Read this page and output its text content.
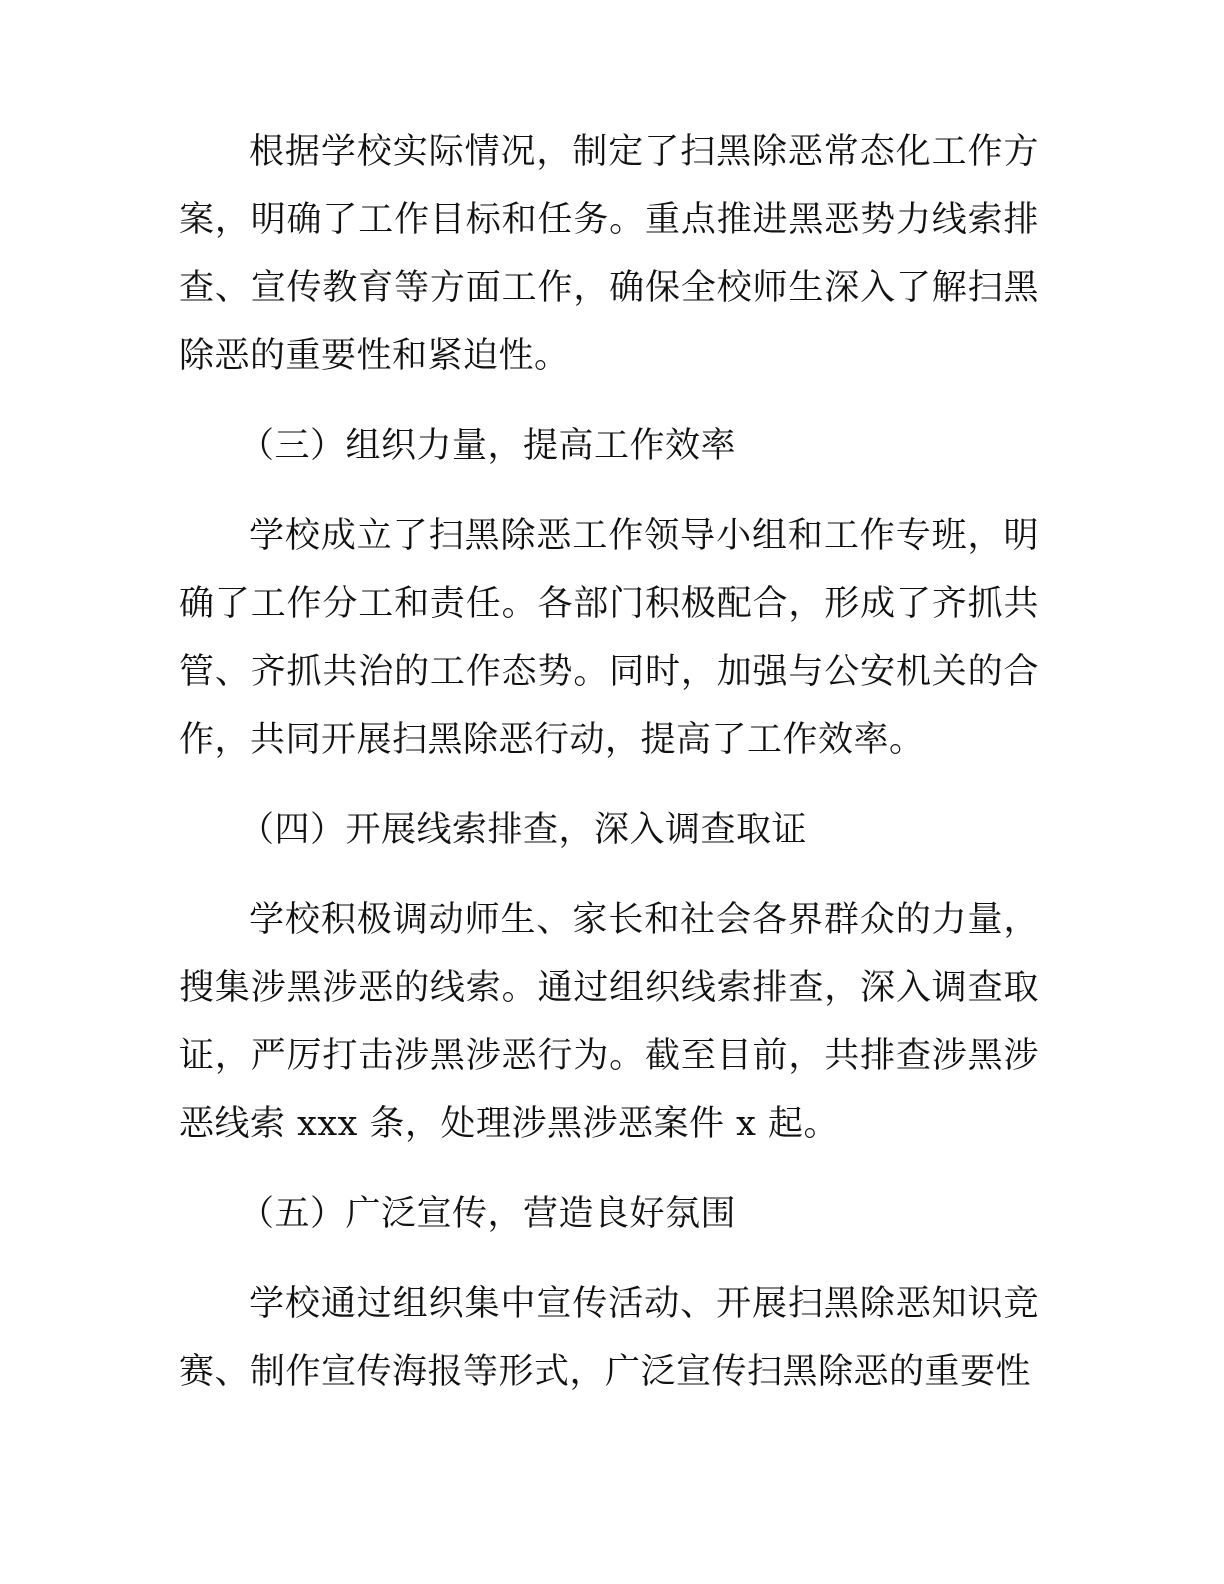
根据学校实际情况，制定了扫黑除恶常态化工作方案，明确了工作目标和任务。重点推进黑恶势力线索排查、宣传教育等方面工作，确保全校师生深入了解扫黑除恶的重要性和紧迫性。

（三）组织力量，提高工作效率

学校成立了扫黑除恶工作领导小组和工作专班，明确了工作分工和责任。各部门积极配合，形成了齐抓共管、齐抓共治的工作态势。同时，加强与公安机关的合作，共同开展扫黑除恶行动，提高了工作效率。

（四）开展线索排查，深入调查取证

学校积极调动师生、家长和社会各界群众的力量，搜集涉黑涉恶的线索。通过组织线索排查，深入调查取证，严厉打击涉黑涉恶行为。截至目前，共排查涉黑涉恶线索 xxx 条，处理涉黑涉恶案件 x 起。

（五）广泛宣传，营造良好氛围

学校通过组织集中宣传活动、开展扫黑除恶知识竞赛、制作宣传海报等形式，广泛宣传扫黑除恶的重要性
